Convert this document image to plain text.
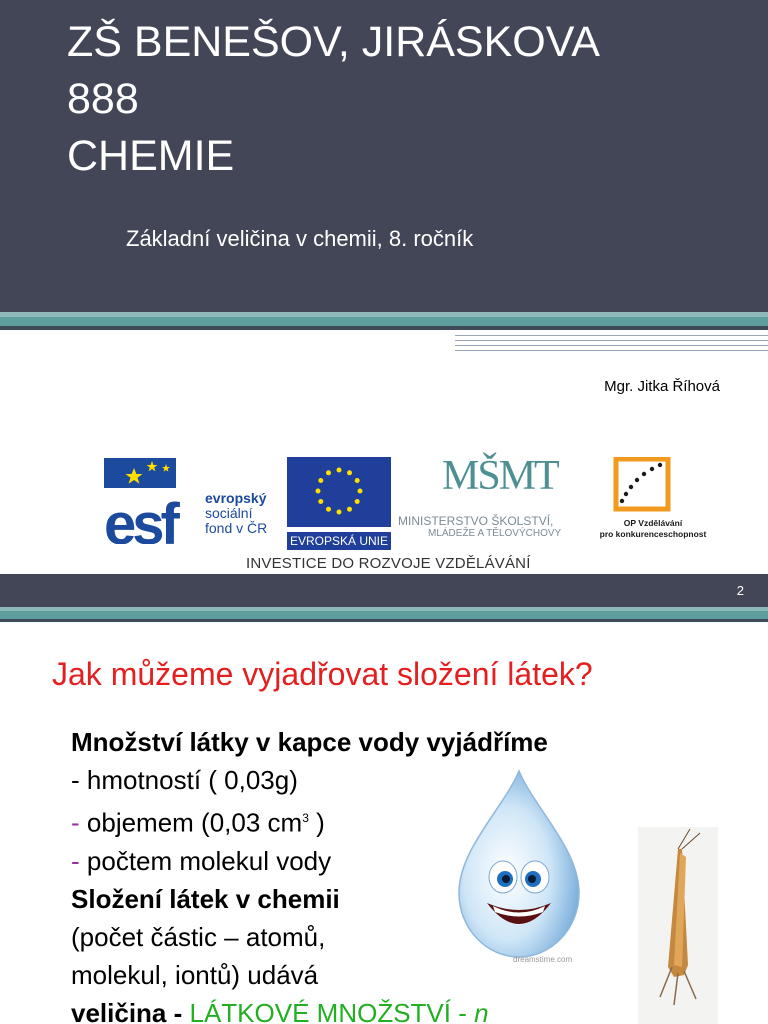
ZŠ BENEŠOV, JIRÁSKOVA
888
CHEMIE
Základní veličina v chemii, 8. ročník
Mgr. Jitka Říhová
esf	evropský
sociální
fond v ČR
EVROPSKÁ UNIE
MŠMT
MINISTERSTVO ŠKOLSTVÍ,
MLÁDEŽE A TĚLOVÝCHOVY
OP Vzdělávání
pro konkurenceschopnost
INVESTICE DO ROZVOJE VZDĚLÁVÁNÍ
2
Jak můžeme vyjadřovat složení látek?
Množství látky v kapce vody vyjádříme
- hmotností ( 0,03g)
- objemem (0,03 $cm^3$ )
- počtem molekul vody
Složení látek v chemii
(počet částic – atomů,
molekul, iontů) udává
veličina - LÁTKOVÉ MNOŽSTVÍ - n
dreamstime.com
